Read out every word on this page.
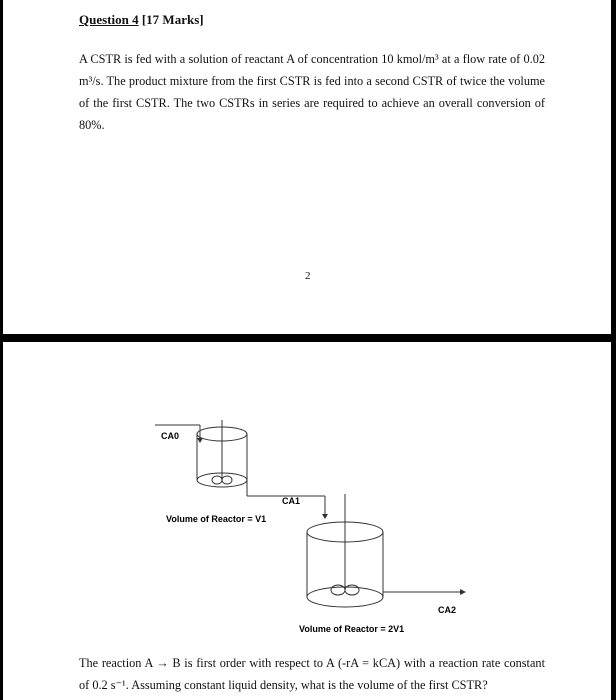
Question 4 [17 Marks]

A CSTR is fed with a solution of reactant A of concentration 10 kmol/m³ at a flow rate of 0.02 m³/s. The product mixture from the first CSTR is fed into a second CSTR of twice the volume of the first CSTR. The two CSTRs in series are required to achieve an overall conversion of 80%.

2
CA0
Volume of Reactor = V1
CA1
CA2
Volume of Reactor = 2V1

The reaction A → B is first order with respect to A (-rA = kCA) with a reaction rate constant of 0.2 s⁻¹. Assuming constant liquid density, what is the volume of the first CSTR?
